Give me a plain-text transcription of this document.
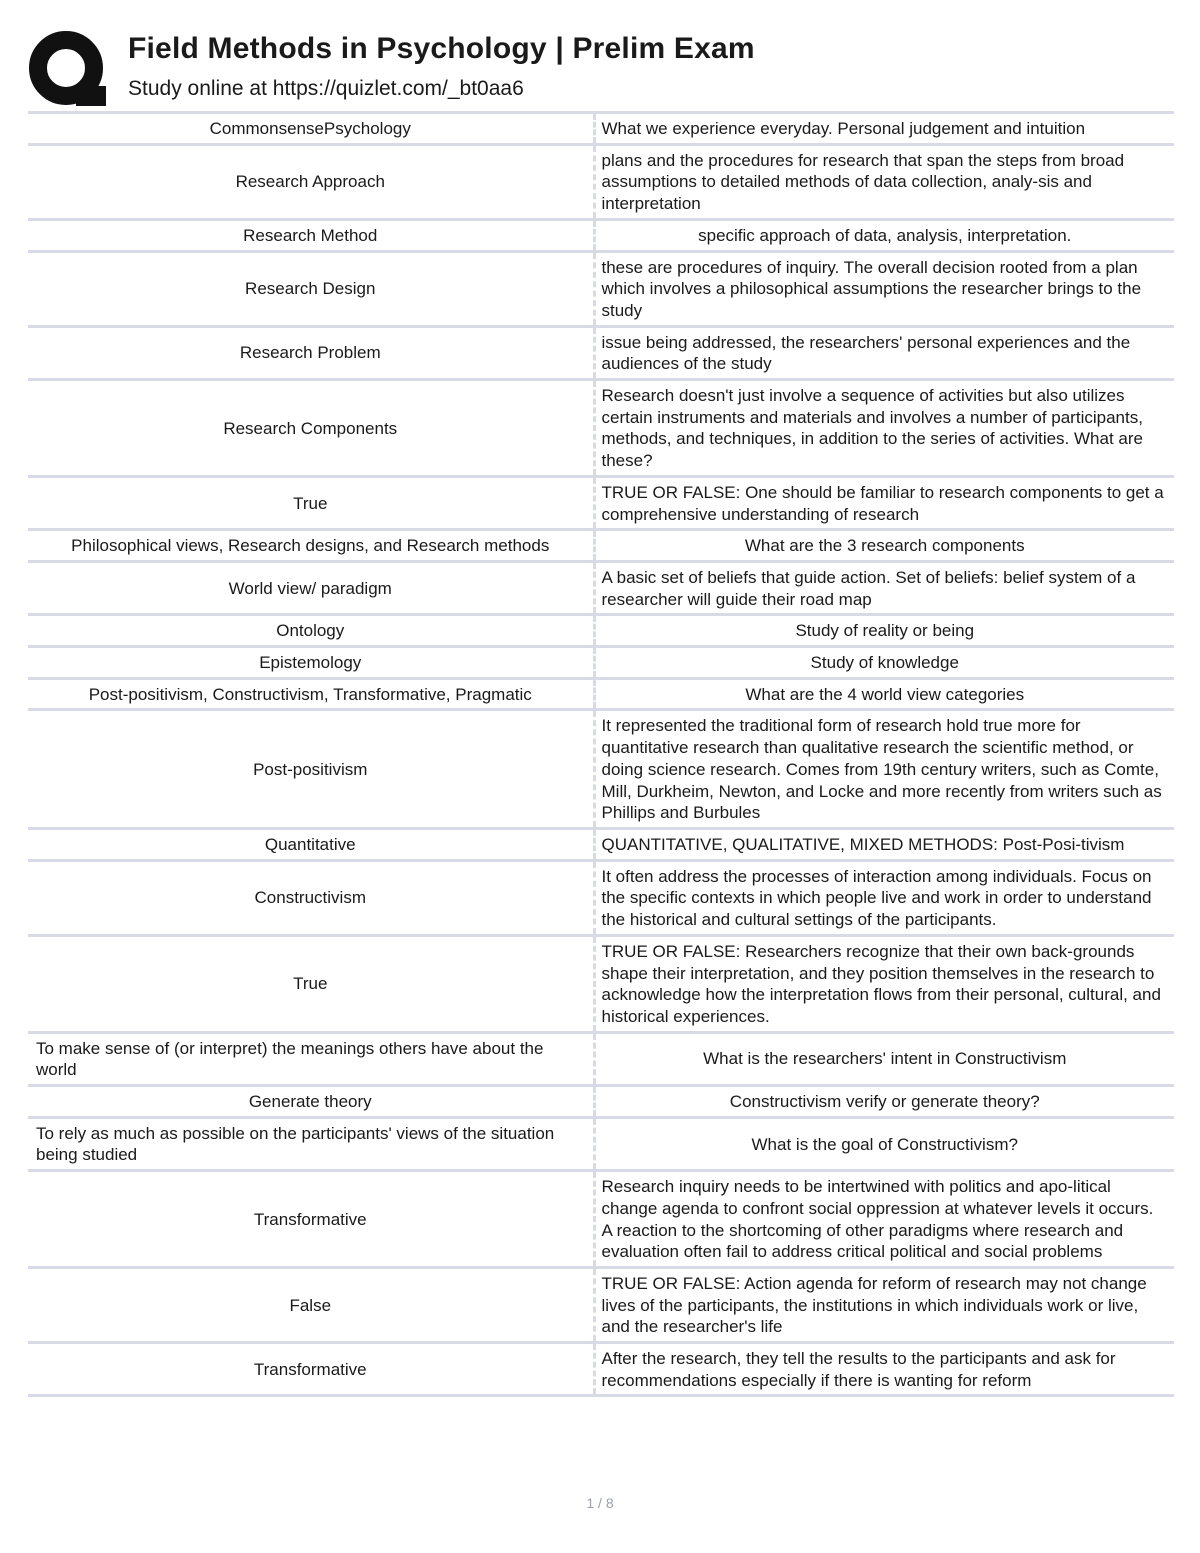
Field Methods in Psychology | Prelim Exam
Study online at https://quizlet.com/_bt0aa6
CommonsensePsychology	What we experience everyday. Personal judgement and intuition
Research Approach	plans and the procedures for research that span the steps from broad assumptions to detailed methods of data collection, analy-sis and interpretation
Research Method	specific approach of data, analysis, interpretation.
Research Design	these are procedures of inquiry. The overall decision rooted from a plan which involves a philosophical assumptions the researcher brings to the study
Research Problem	issue being addressed, the researchers' personal experiences and the audiences of the study
Research Components	Research doesn't just involve a sequence of activities but also utilizes certain instruments and materials and involves a number of participants, methods, and techniques, in addition to the series of activities. What are these?
True	TRUE OR FALSE: One should be familiar to research components to get a comprehensive understanding of research
Philosophical views, Research designs, and Research methods	What are the 3 research components
World view/ paradigm	A basic set of beliefs that guide action. Set of beliefs: belief system of a researcher will guide their road map
Ontology	Study of reality or being
Epistemology	Study of knowledge
Post-positivism, Constructivism, Transformative, Pragmatic	What are the 4 world view categories
Post-positivism	It represented the traditional form of research hold true more for quantitative research than qualitative research the scientific method, or doing science research. Comes from 19th century writers, such as Comte, Mill, Durkheim, Newton, and Locke and more recently from writers such as Phillips and Burbules
Quantitative	QUANTITATIVE, QUALITATIVE, MIXED METHODS: Post-Posi-tivism
Constructivism	It often address the processes of interaction among individuals. Focus on the specific contexts in which people live and work in order to understand the historical and cultural settings of the participants.
True	TRUE OR FALSE: Researchers recognize that their own back-grounds shape their interpretation, and they position themselves in the research to acknowledge how the interpretation flows from their personal, cultural, and historical experiences.
To make sense of (or interpret) the meanings others have about the world	What is the researchers' intent in Constructivism
Generate theory	Constructivism verify or generate theory?
To rely as much as possible on the participants' views of the situation being studied	What is the goal of Constructivism?
Transformative	Research inquiry needs to be intertwined with politics and apo-litical change agenda to confront social oppression at whatever levels it occurs. A reaction to the shortcoming of other paradigms where research and evaluation often fail to address critical political and social problems
False	TRUE OR FALSE: Action agenda for reform of research may not change lives of the participants, the institutions in which individuals work or live, and the researcher's life
Transformative	After the research, they tell the results to the participants and ask for recommendations especially if there is wanting for reform
1 / 8
